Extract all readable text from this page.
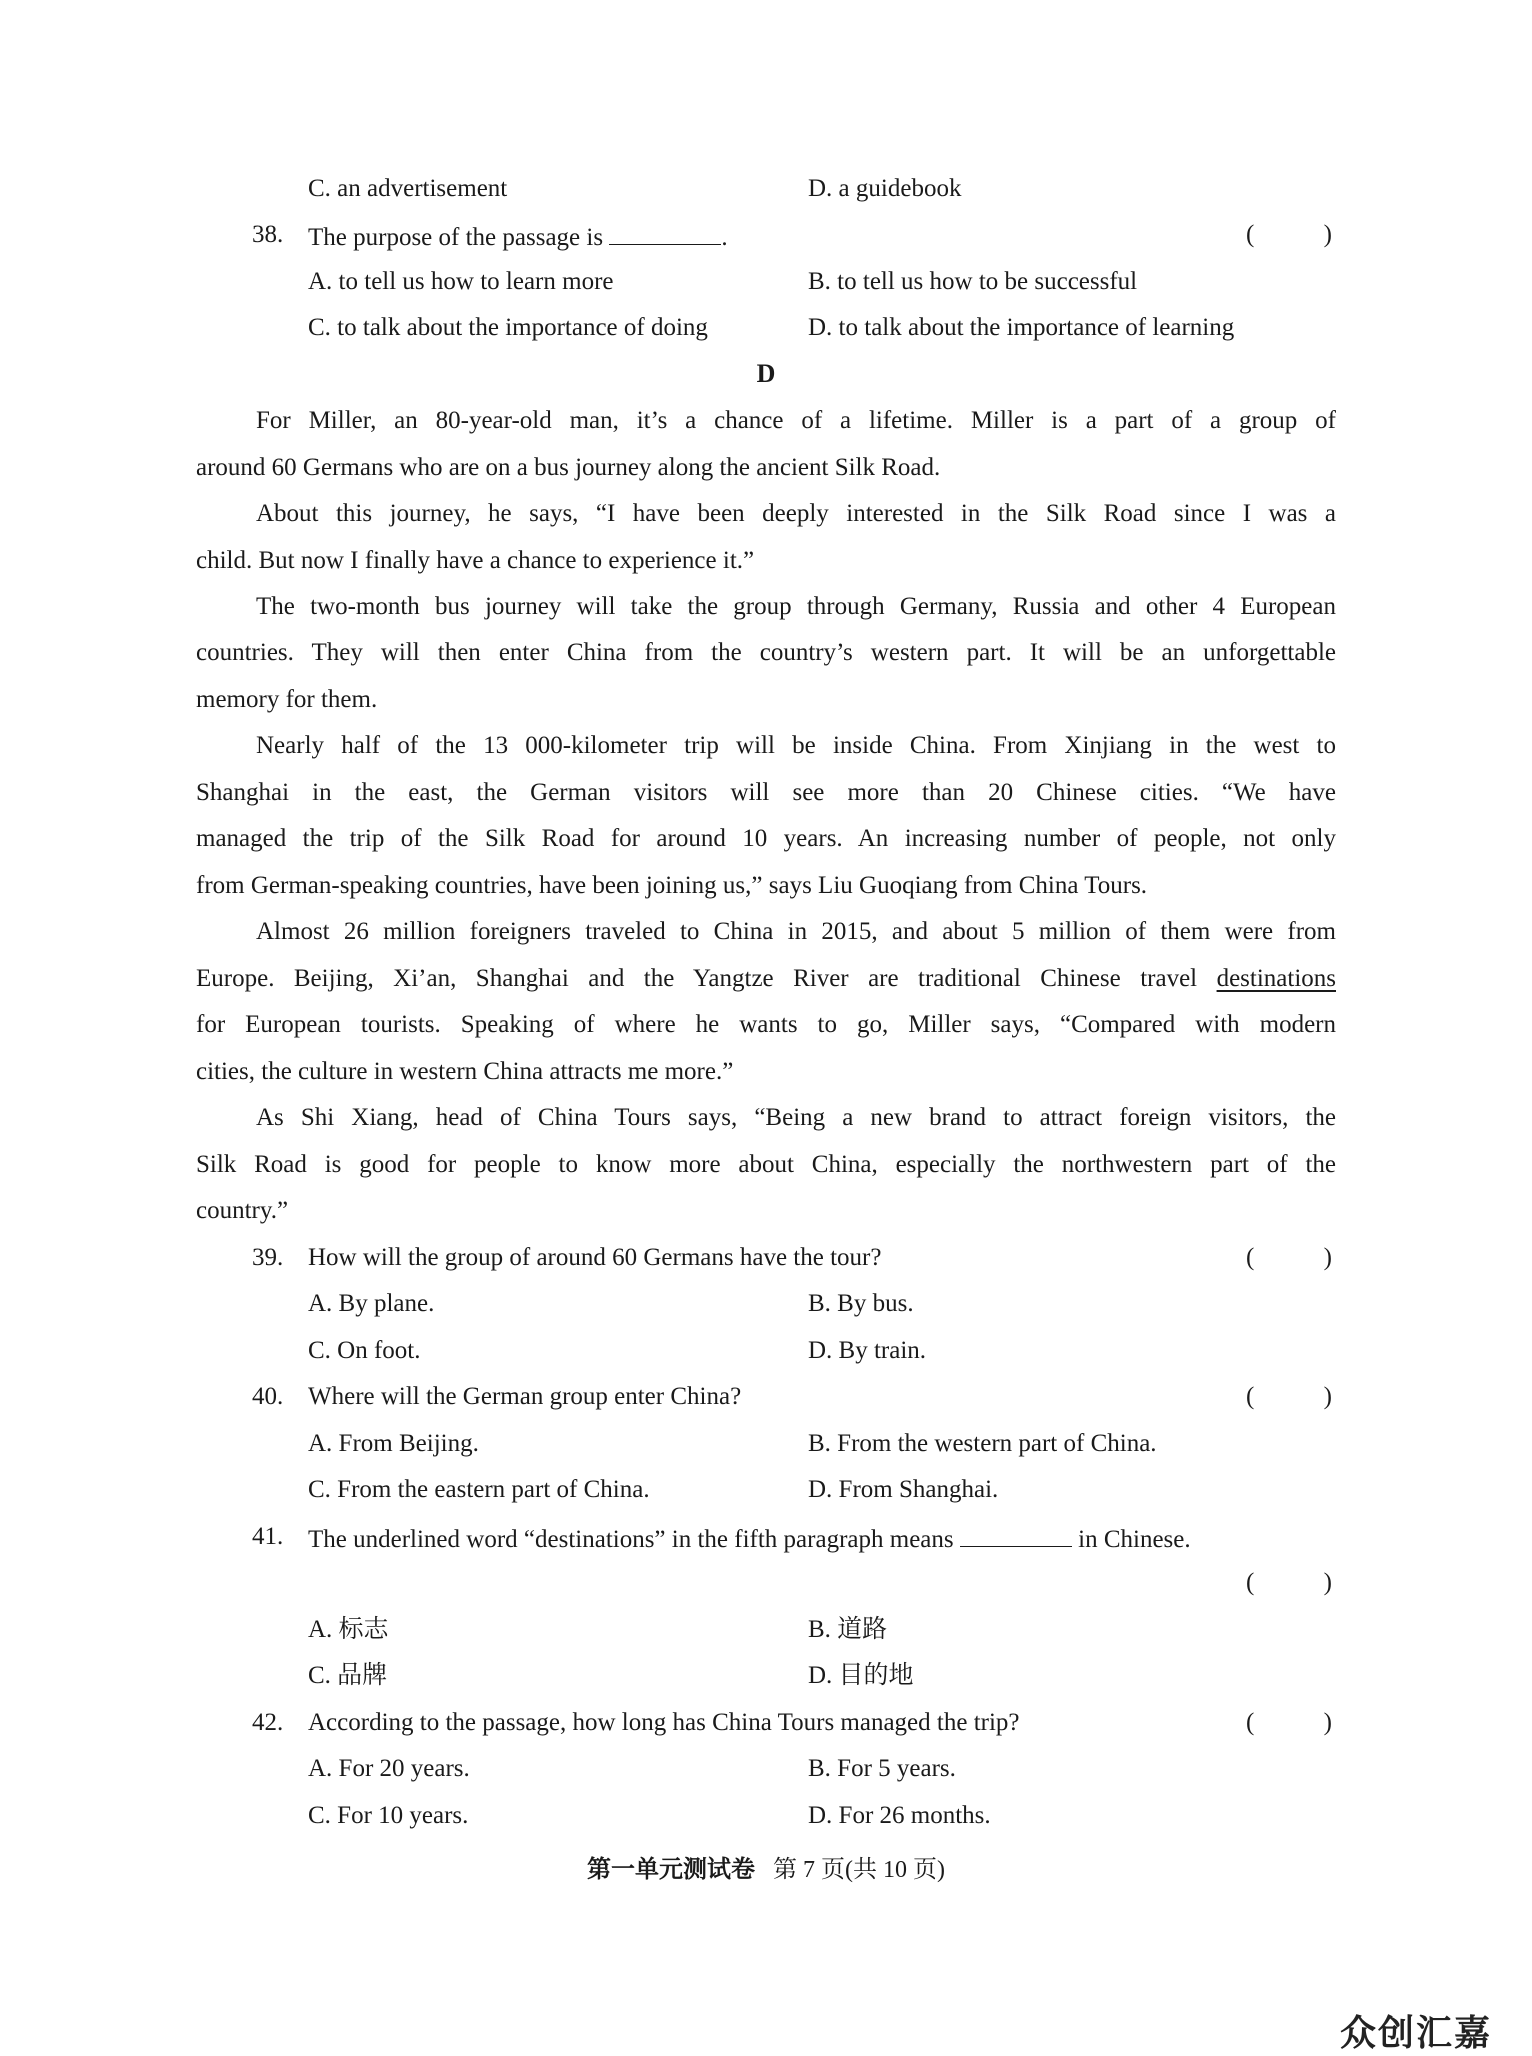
C. an advertisement	D. a guidebook
38. The purpose of the passage is	.	(	)
A. to tell us how to learn more	B. to tell us how to be successful
C. to talk about the importance of doing	D. to talk about the importance of learning
D
For Miller, an 80-year-old man, it’s a chance of a lifetime. Miller is a part of a group of
around 60 Germans who are on a bus journey along the ancient Silk Road.
About this journey, he says, “I have been deeply interested in the Silk Road since I was a
child. But now I finally have a chance to experience it.”
The two-month bus journey will take the group through Germany, Russia and other 4 European
countries. They will then enter China from the country’s western part. It will be an unforgettable
memory for them.
Nearly half of the 13 000-kilometer trip will be inside China. From Xinjiang in the west to
Shanghai in the east, the German visitors will see more than 20 Chinese cities. “We have
managed the trip of the Silk Road for around 10 years. An increasing number of people, not only
from German-speaking countries, have been joining us,” says Liu Guoqiang from China Tours.
Almost 26 million foreigners traveled to China in 2015, and about 5 million of them were from
Europe. Beijing, Xi’an, Shanghai and the Yangtze River are traditional Chinese travel destinations
for European tourists. Speaking of where he wants to go, Miller says, “Compared with modern
cities, the culture in western China attracts me more.”
As Shi Xiang, head of China Tours says, “Being a new brand to attract foreign visitors, the
Silk Road is good for people to know more about China, especially the northwestern part of the
country.”
39. How will the group of around 60 Germans have the tour?	(	)
A. By plane.	B. By bus.
C. On foot.	D. By train.
40. Where will the German group enter China?	(	)
A. From Beijing.	B. From the western part of China.
C. From the eastern part of China.	D. From Shanghai.
41. The underlined word “destinations” in the fifth paragraph means	in Chinese.
(	)
A. 标志	B. 道路
C. 品牌	D. 目的地
42. According to the passage, how long has China Tours managed the trip?	(	)
A. For 20 years.	B. For 5 years.
C. For 10 years.	D. For 26 months.
第一单元测试卷 第 7 页(共 10 页)
众创汇嘉
